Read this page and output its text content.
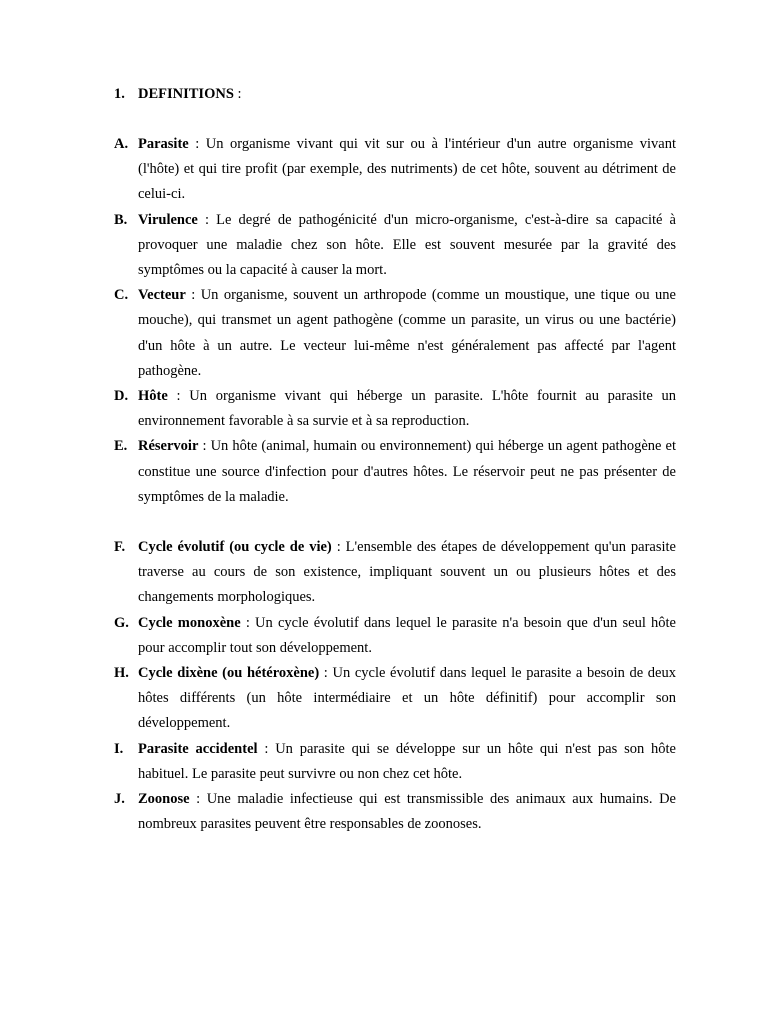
1. DEFINITIONS :
A. Parasite : Un organisme vivant qui vit sur ou à l'intérieur d'un autre organisme vivant (l'hôte) et qui tire profit (par exemple, des nutriments) de cet hôte, souvent au détriment de celui-ci.
B. Virulence : Le degré de pathogénicité d'un micro-organisme, c'est-à-dire sa capacité à provoquer une maladie chez son hôte. Elle est souvent mesurée par la gravité des symptômes ou la capacité à causer la mort.
C. Vecteur : Un organisme, souvent un arthropode (comme un moustique, une tique ou une mouche), qui transmet un agent pathogène (comme un parasite, un virus ou une bactérie) d'un hôte à un autre. Le vecteur lui-même n'est généralement pas affecté par l'agent pathogène.
D. Hôte : Un organisme vivant qui héberge un parasite. L'hôte fournit au parasite un environnement favorable à sa survie et à sa reproduction.
E. Réservoir : Un hôte (animal, humain ou environnement) qui héberge un agent pathogène et constitue une source d'infection pour d'autres hôtes. Le réservoir peut ne pas présenter de symptômes de la maladie.
F. Cycle évolutif (ou cycle de vie) : L'ensemble des étapes de développement qu'un parasite traverse au cours de son existence, impliquant souvent un ou plusieurs hôtes et des changements morphologiques.
G. Cycle monoxène : Un cycle évolutif dans lequel le parasite n'a besoin que d'un seul hôte pour accomplir tout son développement.
H. Cycle dixène (ou hétéroxène) : Un cycle évolutif dans lequel le parasite a besoin de deux hôtes différents (un hôte intermédiaire et un hôte définitif) pour accomplir son développement.
I. Parasite accidentel : Un parasite qui se développe sur un hôte qui n'est pas son hôte habituel. Le parasite peut survivre ou non chez cet hôte.
J. Zoonose : Une maladie infectieuse qui est transmissible des animaux aux humains. De nombreux parasites peuvent être responsables de zoonoses.
